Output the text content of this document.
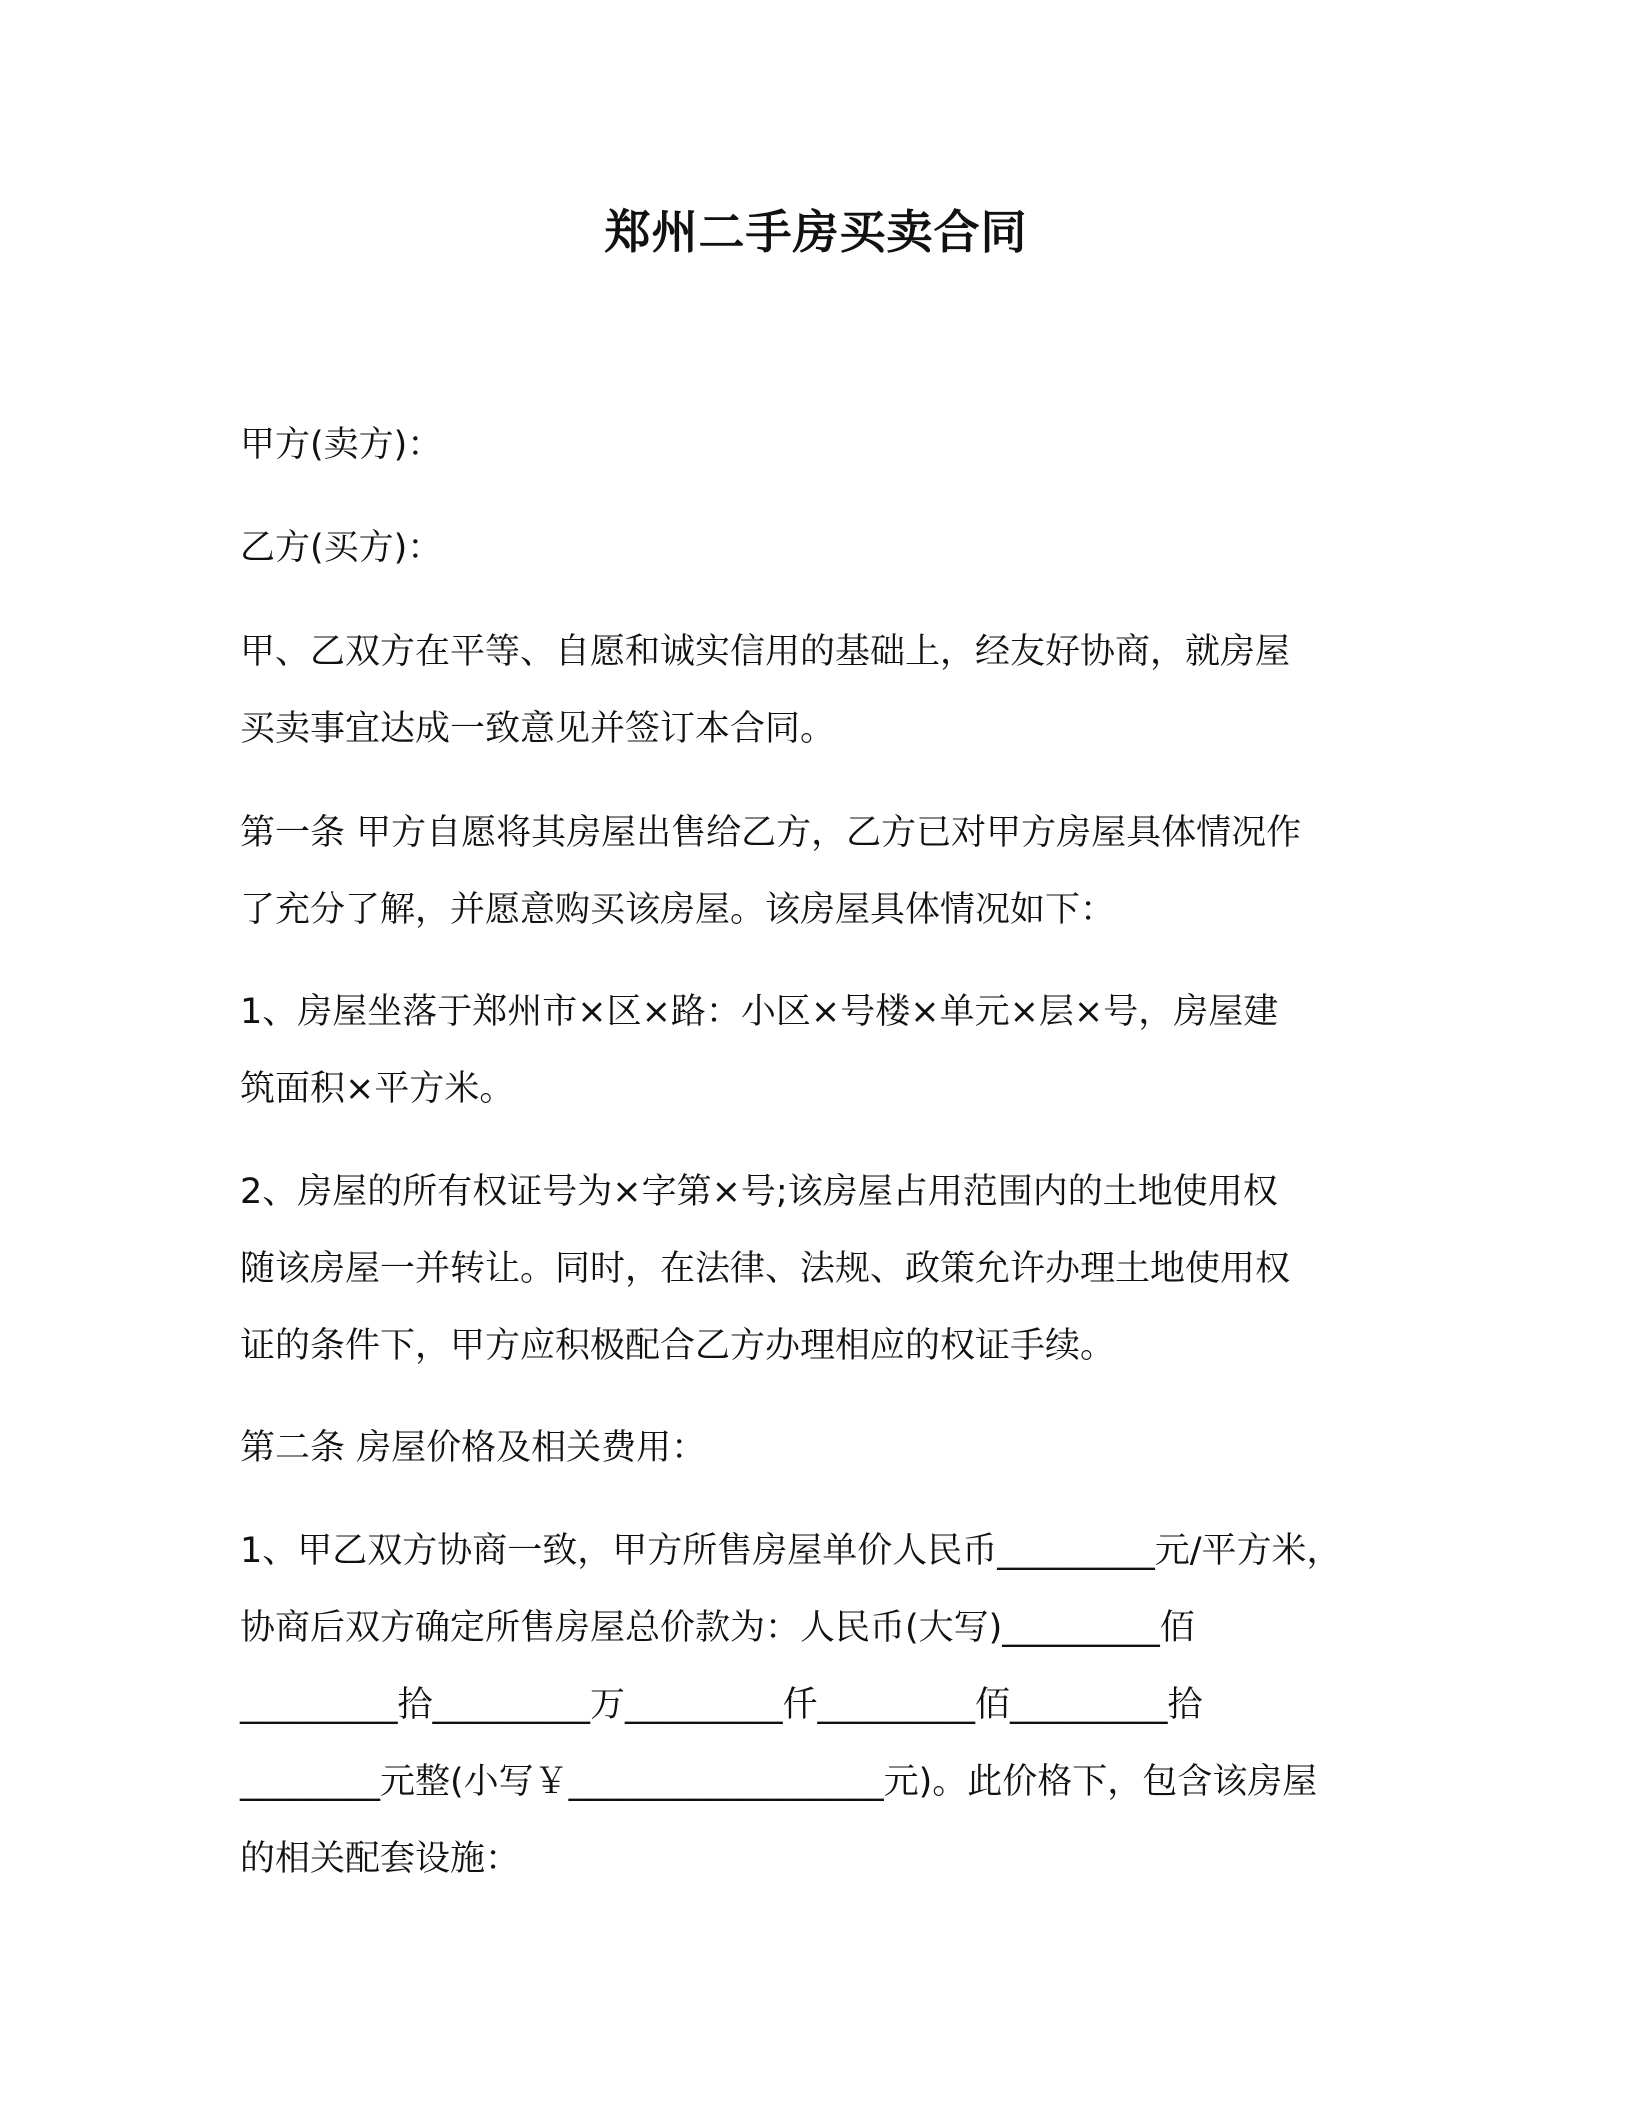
郑州二手房买卖合同

甲方(卖方)：

乙方(买方)：

甲、乙双方在平等、自愿和诚实信用的基础上，经友好协商，就房屋
买卖事宜达成一致意见并签订本合同。

第一条 甲方自愿将其房屋出售给乙方，乙方已对甲方房屋具体情况作
了充分了解，并愿意购买该房屋。该房屋具体情况如下：

1、房屋坐落于郑州市×区×路：小区×号楼×单元×层×号，房屋建
筑面积×平方米。

2、房屋的所有权证号为×字第×号;该房屋占用范围内的土地使用权
随该房屋一并转让。同时，在法律、法规、政策允许办理土地使用权
证的条件下，甲方应积极配合乙方办理相应的权证手续。

第二条 房屋价格及相关费用：

1、甲乙双方协商一致，甲方所售房屋单价人民币_________元/平方米，
协商后双方确定所售房屋总价款为：人民币(大写)_________佰
_________拾_________万_________仟_________佰_________拾
________元整(小写￥__________________元)。此价格下，包含该房屋
的相关配套设施：
